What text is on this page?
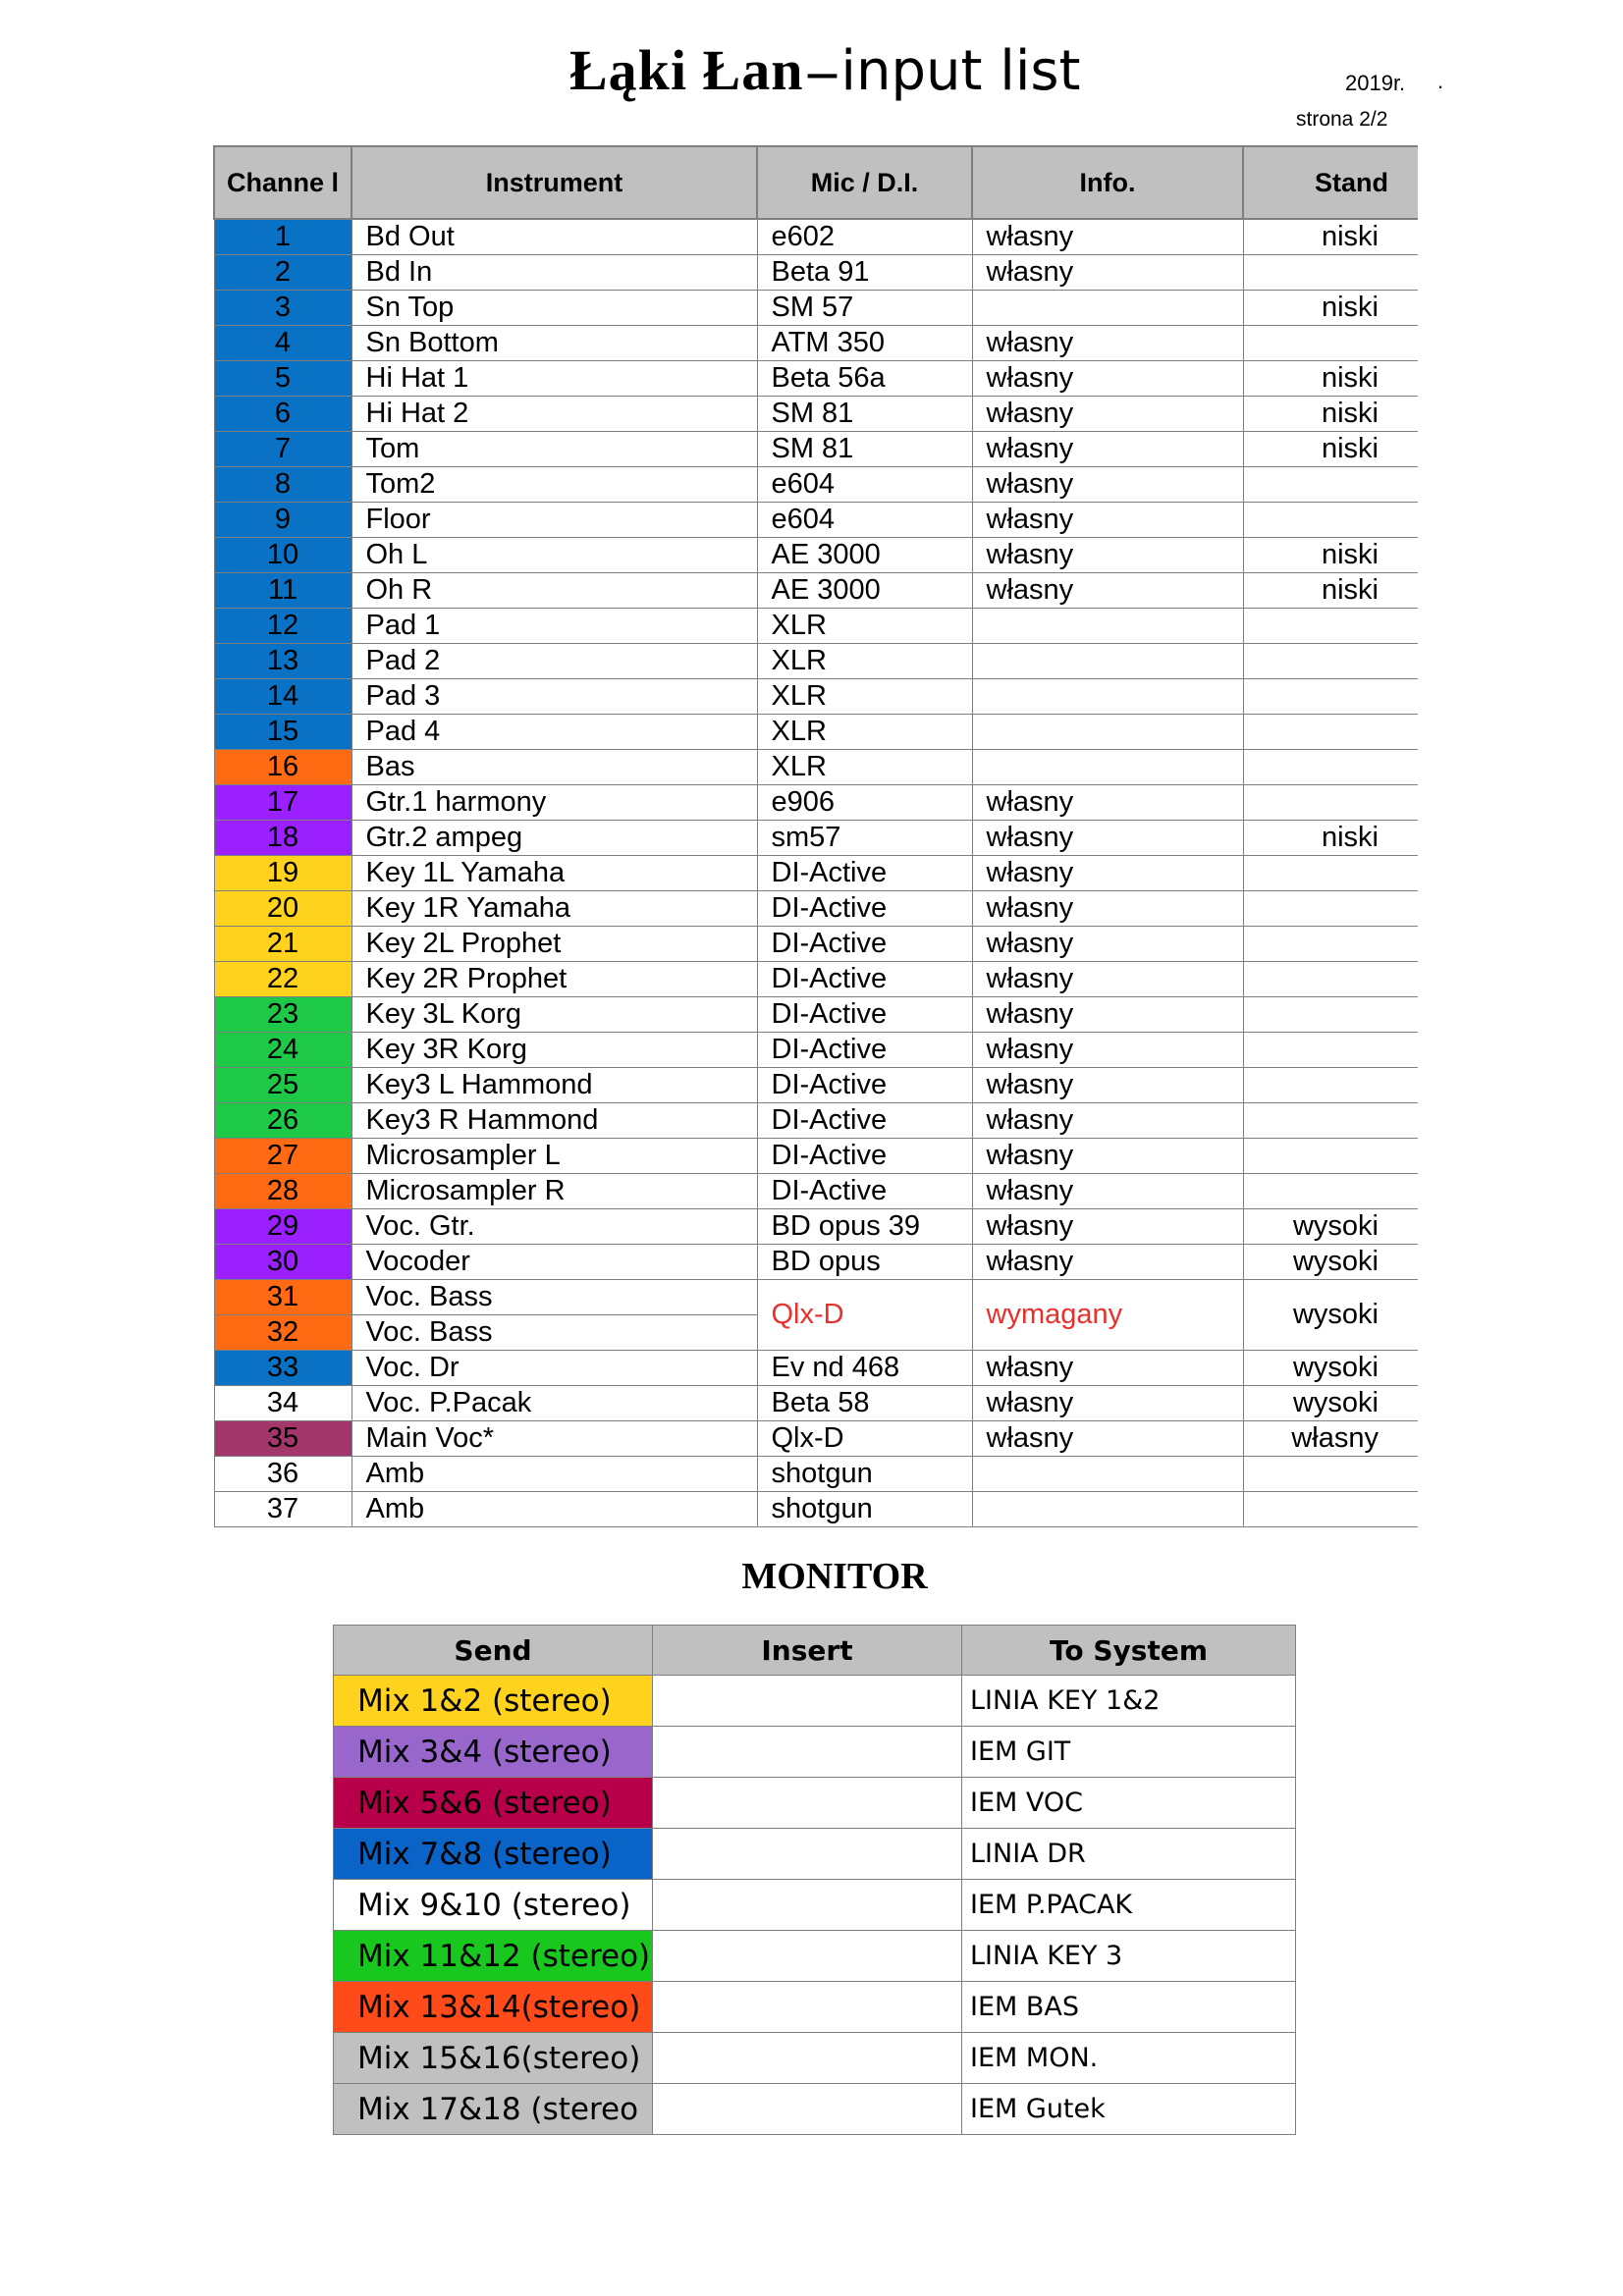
Łąki Łan – input list	2019r. .
strona 2/2
Channe l	Instrument	Mic / D.I.	Info.	Stand
1	Bd Out	e602	własny	niski
2	Bd In	Beta 91	własny	
3	Sn Top	SM 57		niski
4	Sn Bottom	ATM 350	własny	
5	Hi Hat 1	Beta 56a	własny	niski
6	Hi Hat 2	SM 81	własny	niski
7	Tom	SM 81	własny	niski
8	Tom2	e604	własny	
9	Floor	e604	własny	
10	Oh L	AE 3000	własny	niski
11	Oh R	AE 3000	własny	niski
12	Pad 1	XLR		
13	Pad 2	XLR		
14	Pad 3	XLR		
15	Pad 4	XLR		
16	Bas	XLR		
17	Gtr.1 harmony	e906	własny	
18	Gtr.2 ampeg	sm57	własny	niski
19	Key 1L Yamaha	DI-Active	własny	
20	Key 1R Yamaha	DI-Active	własny	
21	Key 2L Prophet	DI-Active	własny	
22	Key 2R Prophet	DI-Active	własny	
23	Key 3L Korg	DI-Active	własny	
24	Key 3R Korg	DI-Active	własny	
25	Key3 L Hammond	DI-Active	własny	
26	Key3 R Hammond	DI-Active	własny	
27	Microsampler L	DI-Active	własny	
28	Microsampler R	DI-Active	własny	
29	Voc. Gtr.	BD opus 39	własny	wysoki
30	Vocoder	BD opus	własny	wysoki
31	Voc. Bass	Qlx-D	wymagany	wysoki
32	Voc. Bass			
33	Voc. Dr	Ev nd 468	własny	wysoki
34	Voc. P.Pacak	Beta 58	własny	wysoki
35	Main Voc*	Qlx-D	własny	własny
36	Amb	shotgun		
37	Amb	shotgun		
MONITOR
Send	Insert	To System
Mix 1&2 (stereo)		LINIA KEY 1&2
Mix 3&4 (stereo)		IEM GIT
Mix 5&6 (stereo)		IEM VOC
Mix 7&8 (stereo)		LINIA DR
Mix 9&10 (stereo)		IEM P.PACAK
Mix 11&12 (stereo)		LINIA KEY 3
Mix 13&14(stereo)		IEM BAS
Mix 15&16(stereo)		IEM MON.
Mix 17&18 (stereo		IEM Gutek
